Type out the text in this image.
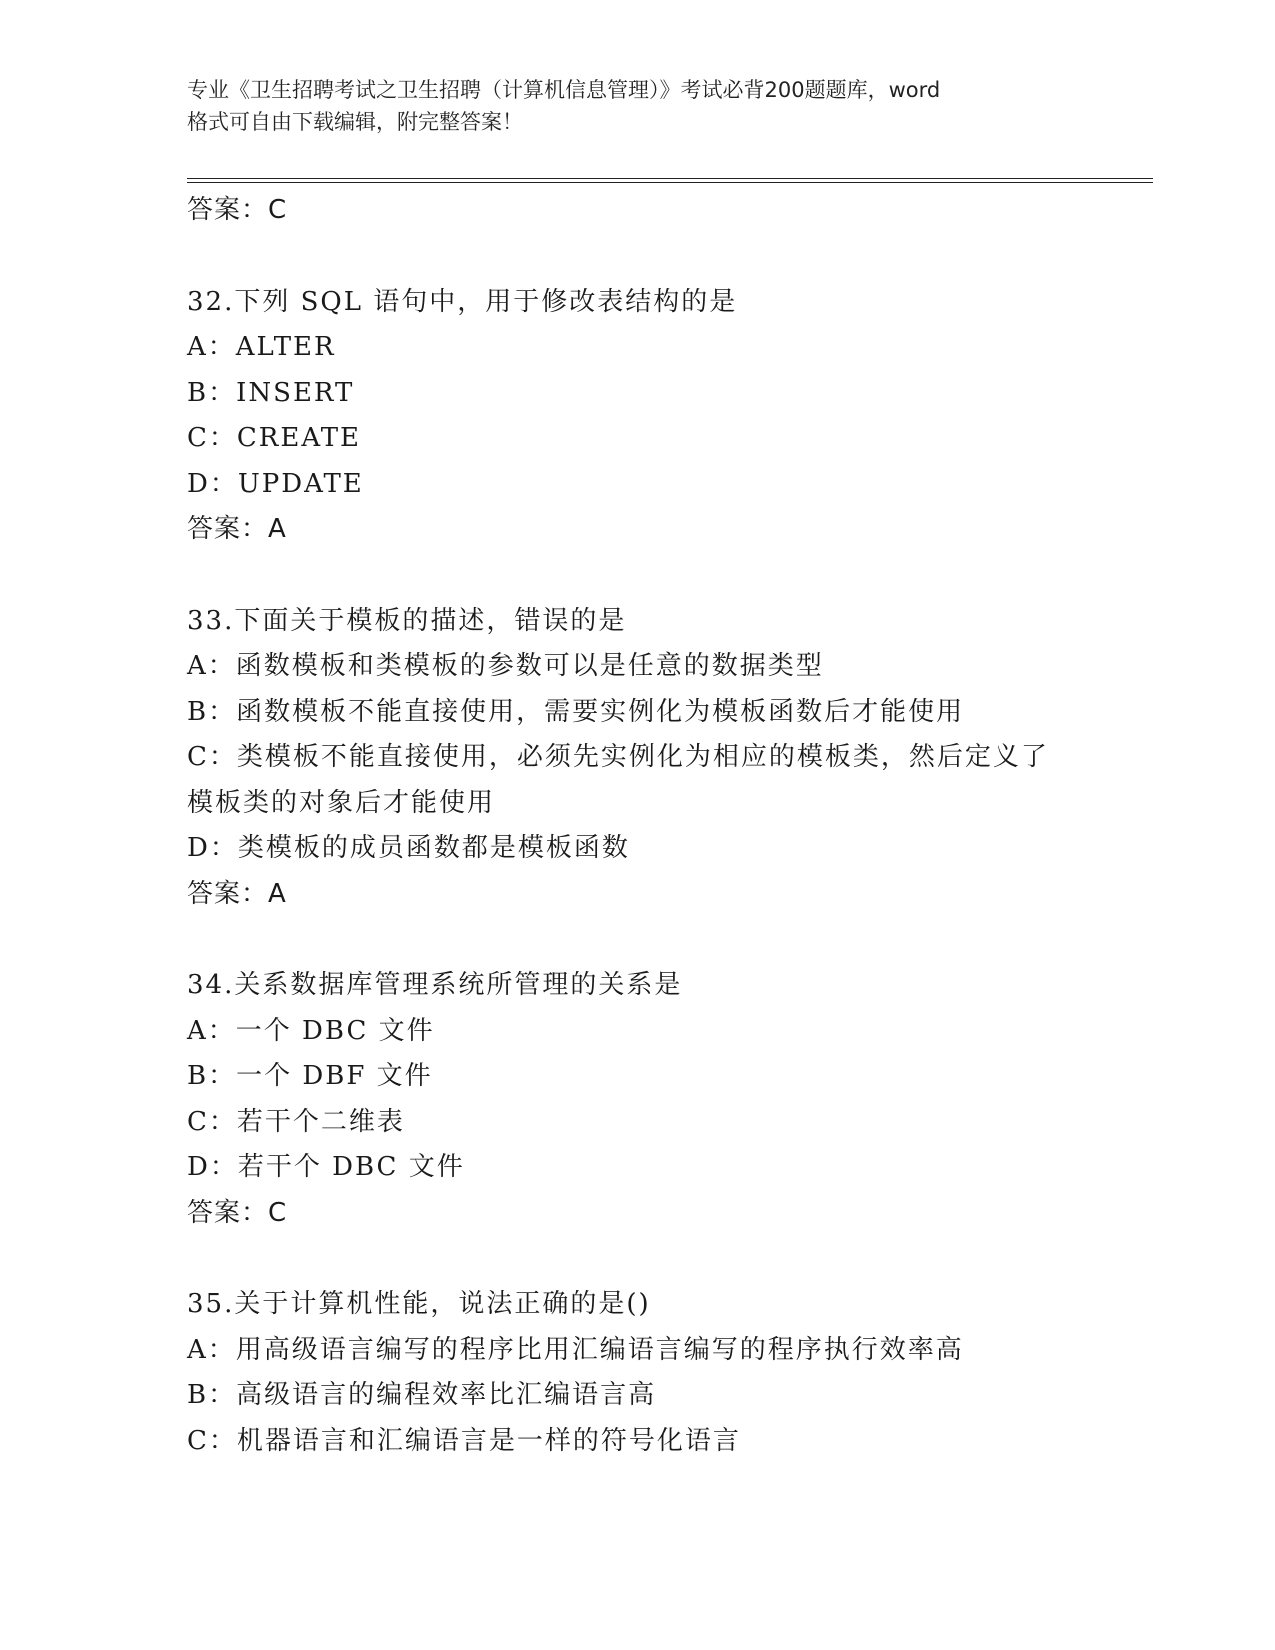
专业《卫生招聘考试之卫生招聘（计算机信息管理）》考试必背200题题库，word
格式可自由下载编辑，附完整答案！
答案：C
32.下列 SQL 语句中，用于修改表结构的是
A：ALTER
B：INSERT
C：CREATE
D：UPDATE
答案：A
33.下面关于模板的描述，错误的是
A：函数模板和类模板的参数可以是任意的数据类型
B：函数模板不能直接使用，需要实例化为模板函数后才能使用
C：类模板不能直接使用，必须先实例化为相应的模板类，然后定义了
模板类的对象后才能使用
D：类模板的成员函数都是模板函数
答案：A
34.关系数据库管理系统所管理的关系是
A：一个 DBC 文件
B：一个 DBF 文件
C：若干个二维表
D：若干个 DBC 文件
答案：C
35.关于计算机性能，说法正确的是()
A：用高级语言编写的程序比用汇编语言编写的程序执行效率高
B：高级语言的编程效率比汇编语言高
C：机器语言和汇编语言是一样的符号化语言
